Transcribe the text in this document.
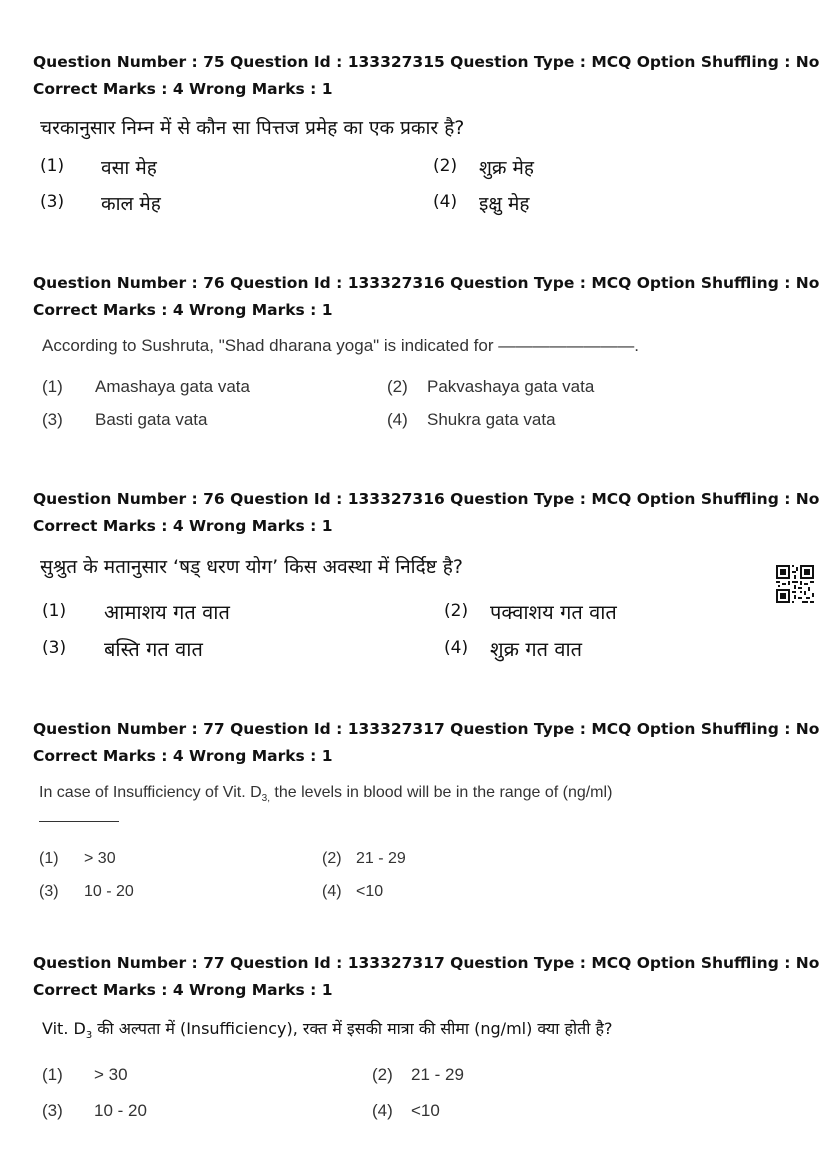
Question Number : 75 Question Id : 133327315 Question Type : MCQ Option Shuffling : No
Correct Marks : 4 Wrong Marks : 1
चरकानुसार निम्न में से कौन सा पित्तज प्रमेह का एक प्रकार है?
(1) वसा मेह	(2) शुक्र मेह
(3) काल मेह	(4) इक्षु मेह
Question Number : 76 Question Id : 133327316 Question Type : MCQ Option Shuffling : No
Correct Marks : 4 Wrong Marks : 1
According to Sushruta, "Shad dharana yoga" is indicated for ————————.
(1) Amashaya gata vata	(2) Pakvashaya gata vata
(3) Basti gata vata	(4) Shukra gata vata
Question Number : 76 Question Id : 133327316 Question Type : MCQ Option Shuffling : No
Correct Marks : 4 Wrong Marks : 1
सुश्रुत के मतानुसार ‘षड् धरण योग’ किस अवस्था में निर्दिष्ट है?
(1) आमाशय गत वात	(2) पक्वाशय गत वात
(3) बस्ति गत वात	(4) शुक्र गत वात
Question Number : 77 Question Id : 133327317 Question Type : MCQ Option Shuffling : No
Correct Marks : 4 Wrong Marks : 1
In case of Insufficiency of Vit. $D_{3,}$ the levels in blood will be in the range of (ng/ml)
(1) > 30	(2) 21 - 29
(3) 10 - 20	(4) <10
Question Number : 77 Question Id : 133327317 Question Type : MCQ Option Shuffling : No
Correct Marks : 4 Wrong Marks : 1
Vit. $D_3$ की अल्पता में (Insufficiency), रक्त में इसकी मात्रा की सीमा (ng/ml) क्या होती है?
(1) > 30	(2) 21 - 29
(3) 10 - 20	(4) <10
